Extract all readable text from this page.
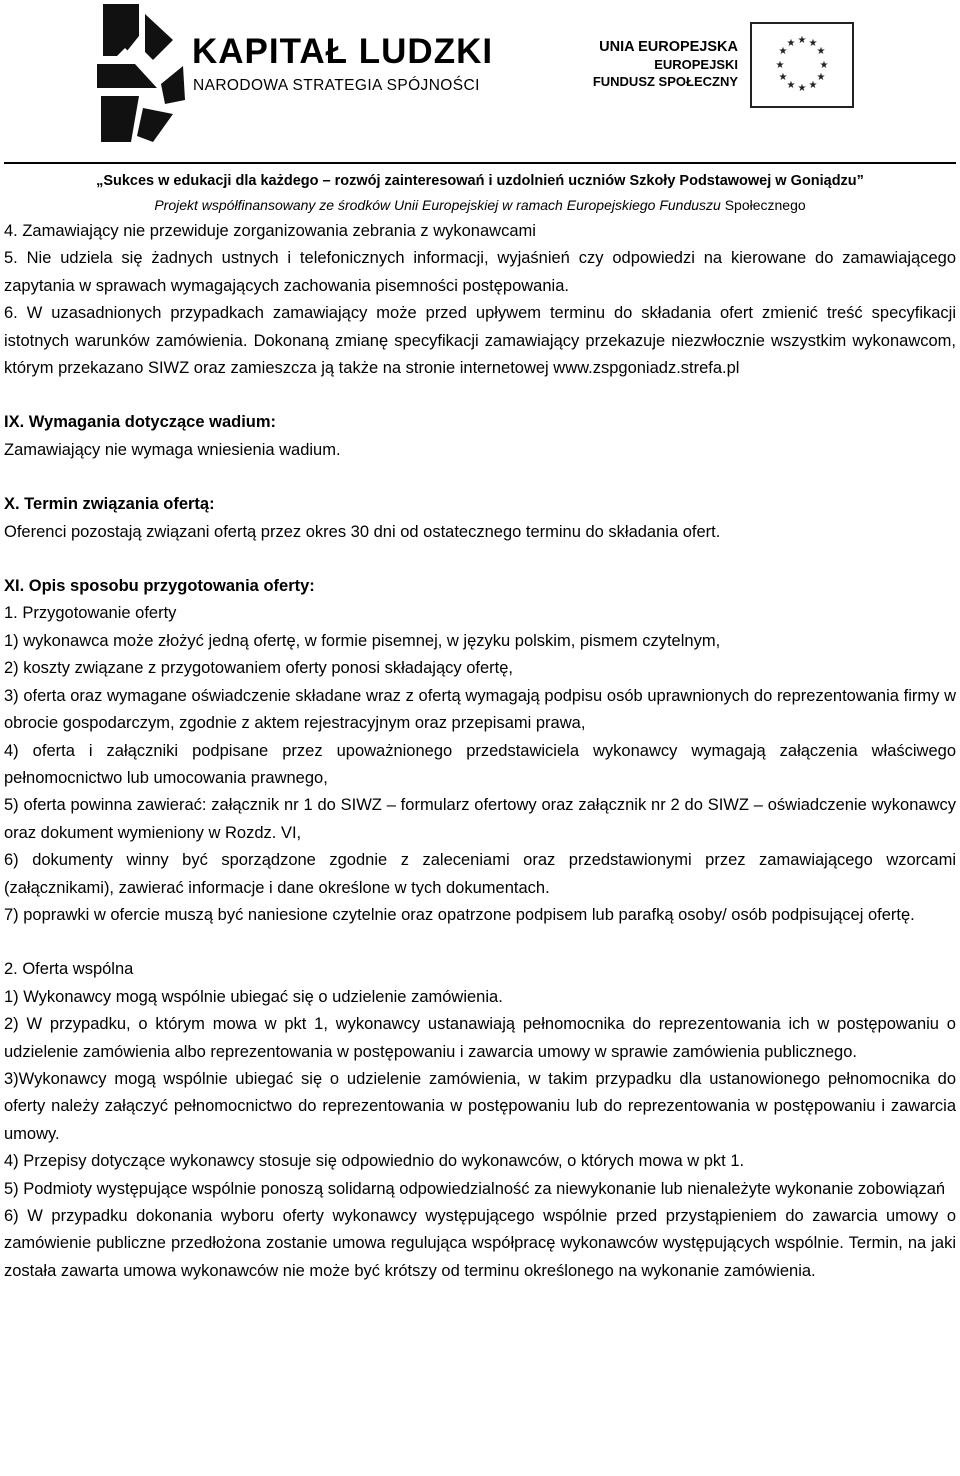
KAPITAŁ LUDZKI
NARODOWA STRATEGIA SPÓJNOŚCI
UNIA EUROPEJSKA
EUROPEJSKI
FUNDUSZ SPOŁECZNY
★ ★
★
★
★
★
★
★
★
★
★
★
„Sukces w edukacji dla każdego – rozwój zainteresowań i uzdolnień uczniów Szkoły Podstawowej w Goniądzu”
Projekt współfinansowany ze środków Unii Europejskiej w ramach Europejskiego Funduszu Społecznego

4. Zamawiający nie przewiduje zorganizowania zebrania z wykonawcami

5. Nie udziela się żadnych ustnych i telefonicznych informacji, wyjaśnień czy odpowiedzi na kierowane do zamawiającego zapytania w sprawach wymagających zachowania pisemności postępowania.

6. W uzasadnionych przypadkach zamawiający może przed upływem terminu do składania ofert zmienić treść specyfikacji istotnych warunków zamówienia. Dokonaną zmianę specyfikacji zamawiający przekazuje niezwłocznie wszystkim wykonawcom, którym przekazano SIWZ oraz zamieszcza ją także na stronie internetowej www.zspgoniadz.strefa.pl

IX. Wymagania dotyczące wadium:

Zamawiający nie wymaga wniesienia wadium.

X. Termin związania ofertą:

Oferenci pozostają związani ofertą przez okres 30 dni od ostatecznego terminu do składania ofert.

XI. Opis sposobu przygotowania oferty:

1. Przygotowanie oferty

1) wykonawca może złożyć jedną ofertę, w formie pisemnej, w języku polskim, pismem czytelnym,

2) koszty związane z przygotowaniem oferty ponosi składający ofertę,

3) oferta oraz wymagane oświadczenie składane wraz z ofertą wymagają podpisu osób uprawnionych do reprezentowania firmy w obrocie gospodarczym, zgodnie z aktem rejestracyjnym oraz przepisami prawa,

4) oferta i załączniki podpisane przez upoważnionego przedstawiciela wykonawcy wymagają załączenia właściwego pełnomocnictwo lub umocowania prawnego,

5) oferta powinna zawierać: załącznik nr 1 do SIWZ – formularz ofertowy oraz załącznik nr 2 do SIWZ – oświadczenie wykonawcy oraz dokument wymieniony w Rozdz. VI,

6) dokumenty winny być sporządzone zgodnie z zaleceniami oraz przedstawionymi przez zamawiającego wzorcami (załącznikami), zawierać informacje i dane określone w tych dokumentach.

7) poprawki w ofercie muszą być naniesione czytelnie oraz opatrzone podpisem lub parafką osoby/ osób podpisującej ofertę.

2. Oferta wspólna

1) Wykonawcy mogą wspólnie ubiegać się o udzielenie zamówienia.

2) W przypadku, o którym mowa w pkt 1, wykonawcy ustanawiają pełnomocnika do reprezentowania ich w postępowaniu o udzielenie zamówienia albo reprezentowania w postępowaniu i zawarcia umowy w sprawie zamówienia publicznego.

3)Wykonawcy mogą wspólnie ubiegać się o udzielenie zamówienia, w takim przypadku dla ustanowionego pełnomocnika do oferty należy załączyć pełnomocnictwo do reprezentowania w postępowaniu lub do reprezentowania w postępowaniu i zawarcia umowy.

4) Przepisy dotyczące wykonawcy stosuje się odpowiednio do wykonawców, o których mowa w pkt 1.

5) Podmioty występujące wspólnie ponoszą solidarną odpowiedzialność za niewykonanie lub nienależyte wykonanie zobowiązań

6) W przypadku dokonania wyboru oferty wykonawcy występującego wspólnie przed przystąpieniem do zawarcia umowy o zamówienie publiczne przedłożona zostanie umowa regulująca współpracę wykonawców występujących wspólnie. Termin, na jaki została zawarta umowa wykonawców nie może być krótszy od terminu określonego na wykonanie zamówienia.
